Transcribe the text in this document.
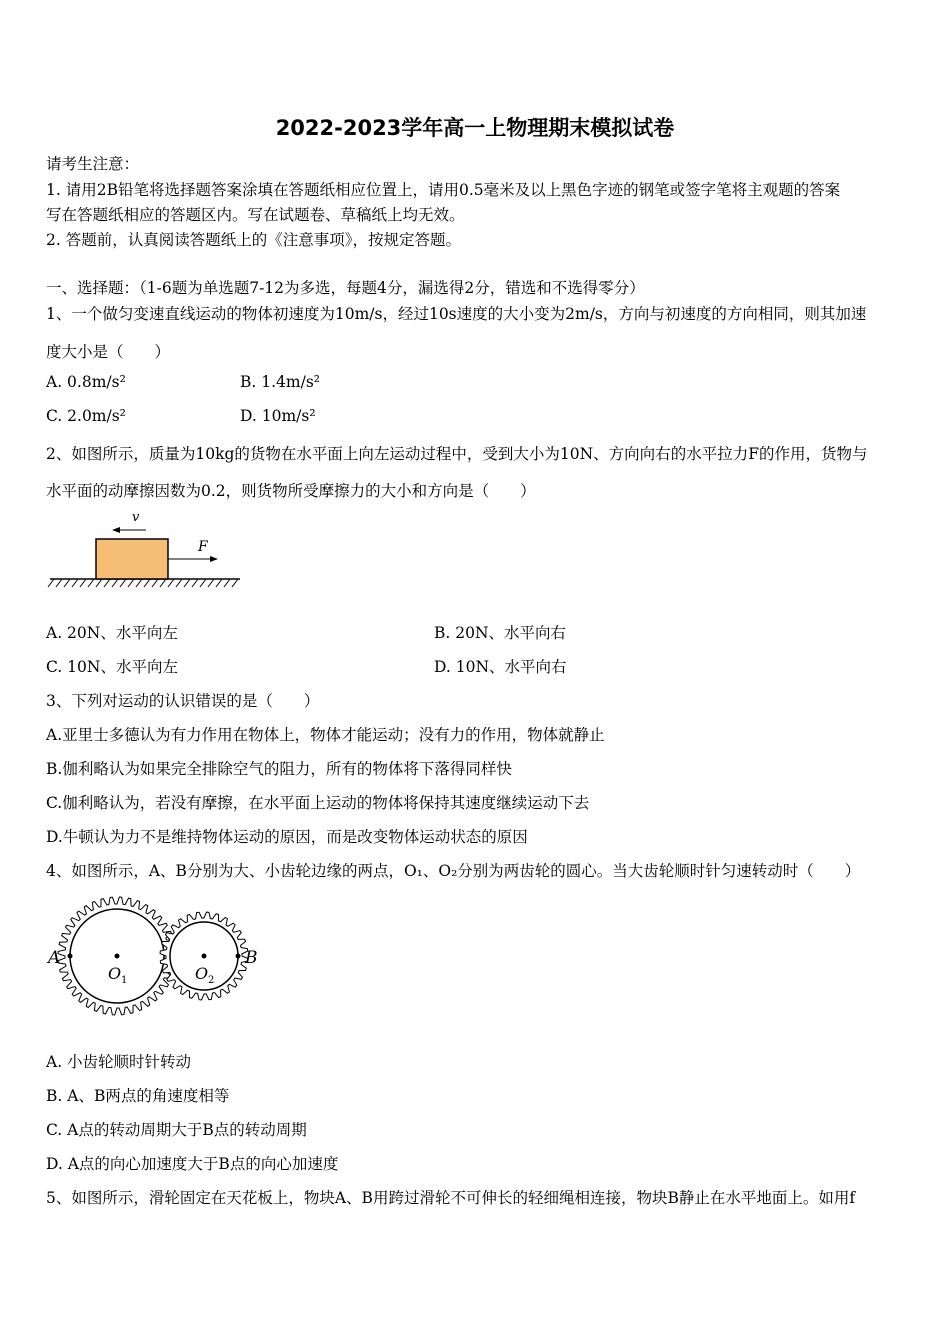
2022-2023学年高一上物理期末模拟试卷
请考生注意：
1. 请用2B铅笔将选择题答案涂填在答题纸相应位置上，请用0.5毫米及以上黑色字迹的钢笔或签字笔将主观题的答案
写在答题纸相应的答题区内。写在试题卷、草稿纸上均无效。
2. 答题前，认真阅读答题纸上的《注意事项》，按规定答题。
一、选择题：（1-6题为单选题7-12为多选，每题4分，漏选得2分，错选和不选得零分）
1、一个做匀变速直线运动的物体初速度为10m/s，经过10s速度的大小变为2m/s，方向与初速度的方向相同，则其加速
度大小是（　　）
A. 0.8m/s²	B. 1.4m/s²
C. 2.0m/s²	D. 10m/s²
2、如图所示，质量为10kg的货物在水平面上向左运动过程中，受到大小为10N、方向向右的水平拉力F的作用，货物与
水平面的动摩擦因数为0.2，则货物所受摩擦力的大小和方向是（　　）
v
F
A. 20N、水平向左	B. 20N、水平向右
C. 10N、水平向左	D. 10N、水平向右
3、下列对运动的认识错误的是（　　）
A.亚里士多德认为有力作用在物体上，物体才能运动；没有力的作用，物体就静止
B.伽利略认为如果完全排除空气的阻力，所有的物体将下落得同样快
C.伽利略认为，若没有摩擦，在水平面上运动的物体将保持其速度继续运动下去
D.牛顿认为力不是维持物体运动的原因，而是改变物体运动状态的原因
4、如图所示，A、B分别为大、小齿轮边缘的两点，O₁、O₂分别为两齿轮的圆心。当大齿轮顺时针匀速转动时（　　）
A	B
O 1	O 2
A. 小齿轮顺时针转动
B. A、B两点的角速度相等
C. A点的转动周期大于B点的转动周期
D. A点的向心加速度大于B点的向心加速度
5、如图所示，滑轮固定在天花板上，物块A、B用跨过滑轮不可伸长的轻细绳相连接，物块B静止在水平地面上。如用f
